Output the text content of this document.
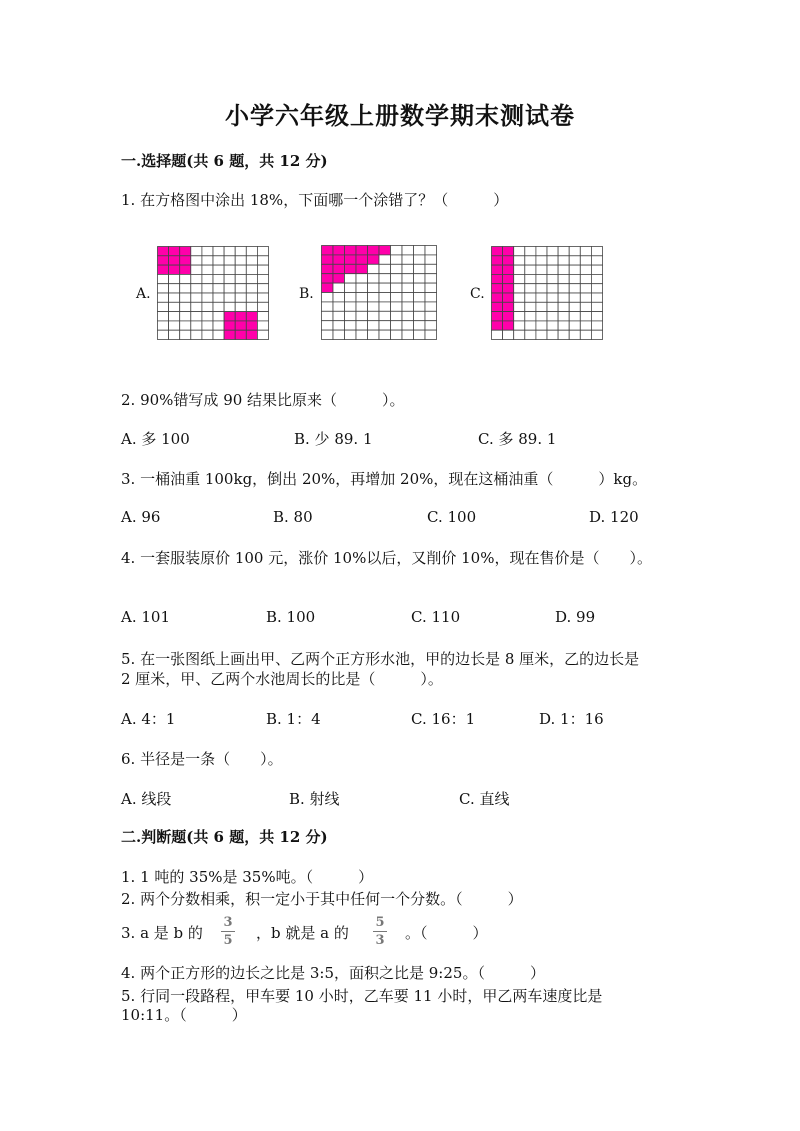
小学六年级上册数学期末测试卷
一.选择题(共 6 题，共 12 分)
1. 在方格图中涂出 18%，下面哪一个涂错了？（　　　）
A.	B.	C.
2. 90%错写成 90 结果比原来（　　　）。
A. 多 100	B. 少 89. 1	C. 多 89. 1
3. 一桶油重 100kg，倒出 20%，再增加 20%，现在这桶油重（　　　）kg。
A. 96	B. 80	C. 100	D. 120
4. 一套服装原价 100 元，涨价 10%以后，又削价 10%，现在售价是（　　）。
A. 101	B. 100	C. 110	D. 99
5. 在一张图纸上画出甲、乙两个正方形水池，甲的边长是 8 厘米，乙的边长是
2 厘米，甲、乙两个水池周长的比是（　　　）。
A. 4：1	B. 1：4	C. 16：1	D. 1：16
6. 半径是一条（　　）。
A. 线段	B. 射线	C. 直线
二.判断题(共 6 题，共 12 分)
1. 1 吨的 35%是 35%吨。（　　　）
2. 两个分数相乘，积一定小于其中任何一个分数。（　　　）
3. a 是 b 的
3
5	，b 就是 a 的
5
3	。（　　　）
4. 两个正方形的边长之比是 3:5，面积之比是 9:25。（　　　）
5. 行同一段路程，甲车要 10 小时，乙车要 11 小时，甲乙两车速度比是
10:11。（　　　）
